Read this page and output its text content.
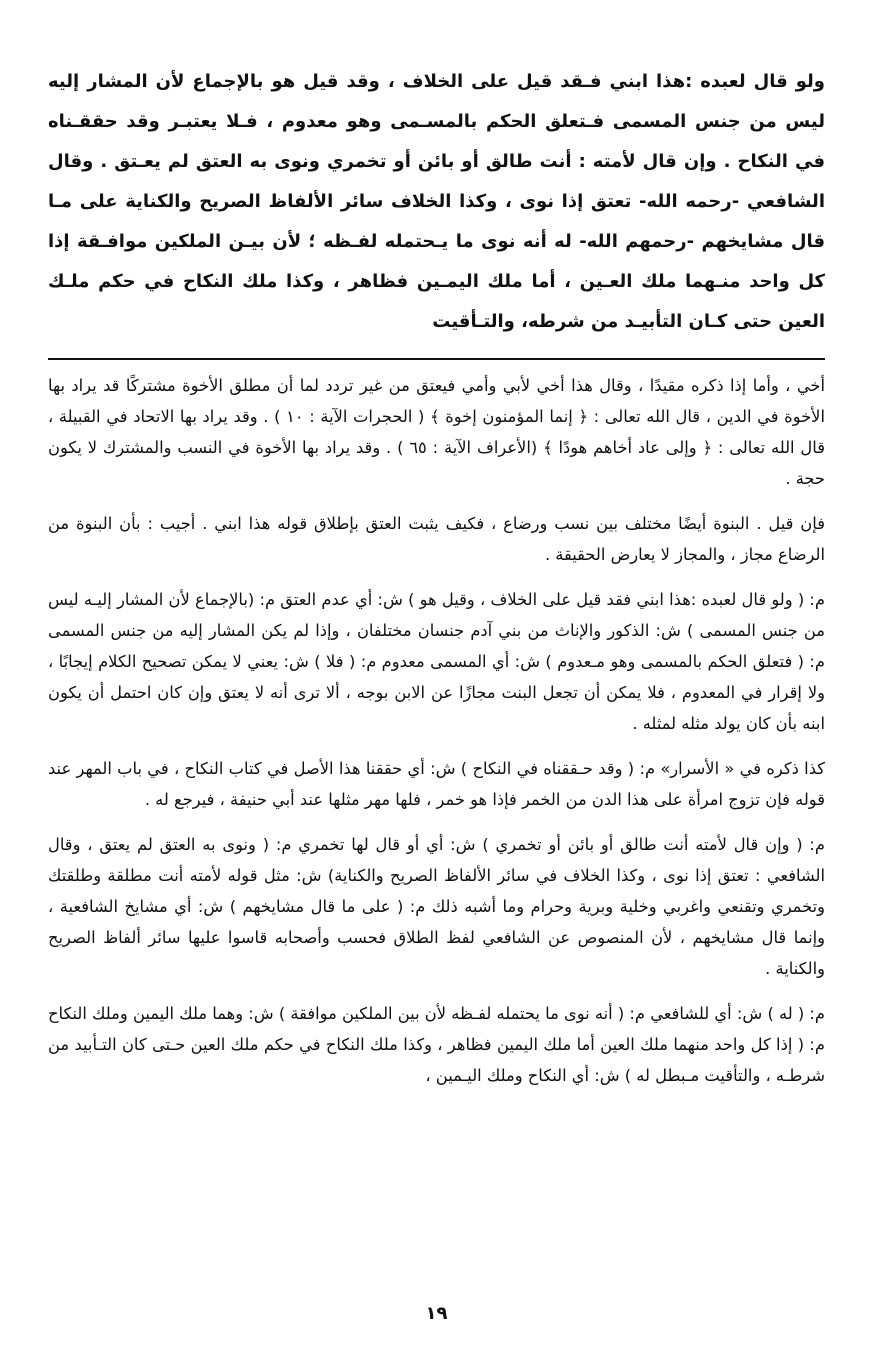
ولو قال لعبده :هذا ابني فـقد قيل على الخلاف ، وقد قيل هو بالإجماع لأن المشار إليه ليس من جنس المسمى فـتعلق الحكم بالمسـمى وهو معدوم ، فـلا يعتبـر وقد حققـناه في النكاح . وإن قال لأمته : أنت طالق أو بائن أو تخمري ونوى به العتق لم يعـتق . وقال الشافعي -رحمه الله- تعتق إذا نوى ، وكذا الخلاف سائر الألفاظ الصريح والكناية على مـا قال مشايخهم -رحمهم الله- له أنه نوى ما يـحتمله لفـظه ؛ لأن بيـن الملكين موافـقة إذا كل واحد منـهما ملك العـين ، أما ملك اليمـين فظاهر ، وكذا ملك النكاح في حكم ملـك العين حتى كـان التأبيـد من شرطه، والتـأقيت

أخي ، وأما إذا ذكره مقيدًا ، وقال هذا أخي لأبي وأمي فيعتق من غير تردد لما أن مطلق الأخوة مشتركًا قد يراد بها الأخوة في الدين ، قال الله تعالى : ﴿ إنما المؤمنون إخوة ﴾ ( الحجرات الآية : ١٠ ) . وقد يراد بها الاتحاد في القبيلة ، قال الله تعالى : ﴿ وإلى عاد أخاهم هودًا ﴾ (الأعراف الآية : ٦٥ ) . وقد يراد بها الأخوة في النسب والمشترك لا يكون حجة .

فإن قيل . البنوة أيضًا مختلف بين نسب ورضاع ، فكيف يثبت العتق بإطلاق قوله هذا ابني . أجيب : بأن البنوة من الرضاع مجاز ، والمجاز لا يعارض الحقيقة .

م: ( ولو قال لعبده :هذا ابني فقد قيل على الخلاف ، وقيل هو ) ش: أي عدم العتق م: (بالإجماع لأن المشار إليـه ليس من جنس المسمى ) ش: الذكور والإناث من بني آدم جنسان مختلفان ، وإذا لم يكن المشار إليه من جنس المسمى م: ( فتعلق الحكم بالمسمى وهو مـعدوم ) ش: أي المسمى معدوم م: ( فلا ) ش: يعني لا يمكن تصحيح الكلام إيجابًا ، ولا إقرار في المعدوم ، فلا يمكن أن تجعل البنت مجازًا عن الابن بوجه ، ألا ترى أنه لا يعتق وإن كان احتمل أن يكون ابنه بأن كان يولد مثله لمثله .

كذا ذكره في « الأسرار» م: ( وقد حـققناه في النكاح ) ش: أي حققنا هذا الأصل في كتاب النكاح ، في باب المهر عند قوله فإن تزوج امرأة على هذا الدن من الخمر فإذا هو خمر ، فلها مهر مثلها عند أبي حنيفة ، فيرجع له .

م: ( وإن قال لأمته أنت طالق أو بائن أو تخمري ) ش: أي أو قال لها تخمري م: ( ونوى به العتق لم يعتق ، وقال الشافعي : تعتق إذا نوى ، وكذا الخلاف في سائر الألفاظ الصريح والكناية) ش: مثل قوله لأمته أنت مطلقة وطلقتك وتخمري وتقنعي واغربي وخلية وبرية وحرام وما أشبه ذلك م: ( على ما قال مشايخهم ) ش: أي مشايخ الشافعية ، وإنما قال مشايخهم ، لأن المنصوص عن الشافعي لفظ الطلاق فحسب وأصحابه قاسوا عليها سائر ألفاظ الصريح والكناية .

م: ( له ) ش: أي للشافعي م: ( أنه نوى ما يحتمله لفـظه لأن بين الملكين موافقة ) ش: وهما ملك اليمين وملك النكاح م: ( إذا كل واحد منهما ملك العين أما ملك اليمين فظاهر ، وكذا ملك النكاح في حكم ملك العين حـتى كان التـأبيد من شرطـه ، والتأقيت مـبطل له ) ش: أي النكاح وملك اليـمين ،

١٩
